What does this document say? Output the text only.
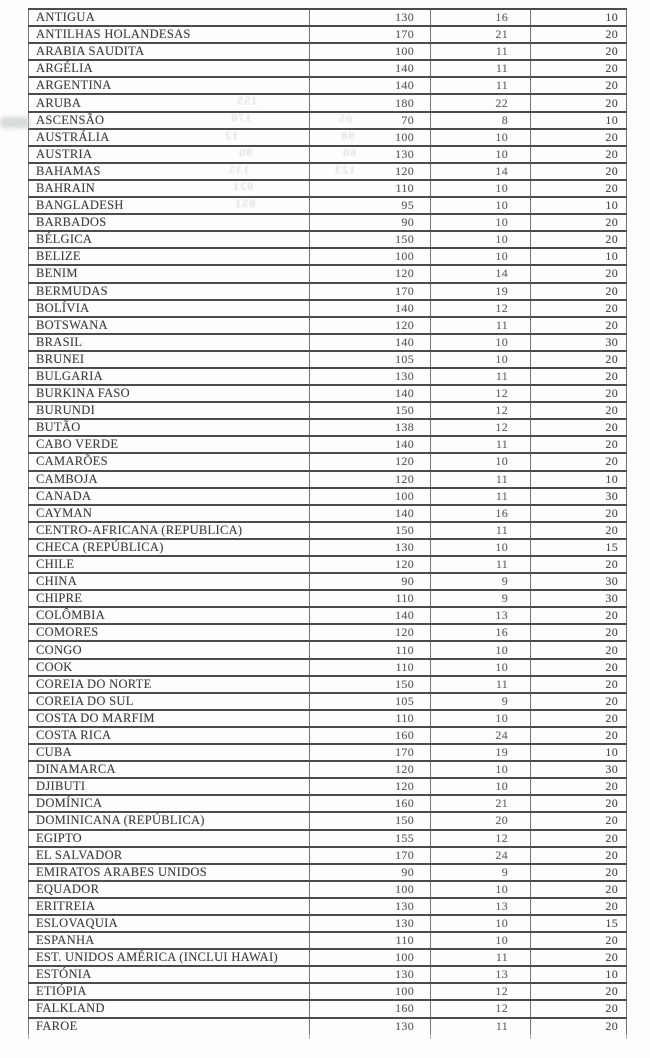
ANTIGUA	130	16	10
ANTILHAS HOLANDESAS	170	21	20
ARABIA SAUDITA	100	11	20
ARGÉLIA	140	11	20
ARGENTINA	140	11	20
ARUBA	180	22	20
ASCENSÃO	70	8	10
AUSTRÁLIA	100	10	20
AUSTRIA	130	10	20
BAHAMAS	120	14	20
BAHRAIN	110	10	20
BANGLADESH	95	10	10
BARBADOS	90	10	20
BÉLGICA	150	10	20
BELIZE	100	10	10
BENIM	120	14	20
BERMUDAS	170	19	20
BOLÍVIA	140	12	20
BOTSWANA	120	11	20
BRASIL	140	10	30
BRUNEI	105	10	20
BULGARIA	130	11	20
BURKINA FASO	140	12	20
BURUNDI	150	12	20
BUTÃO	138	12	20
CABO VERDE	140	11	20
CAMARÕES	120	10	20
CAMBOJA	120	11	10
CANADA	100	11	30
CAYMAN	140	16	20
CENTRO-AFRICANA (REPUBLICA)	150	11	20
CHECA (REPÚBLICA)	130	10	15
CHILE	120	11	20
CHINA	90	9	30
CHIPRE	110	9	30
COLÔMBIA	140	13	20
COMORES	120	16	20
CONGO	110	10	20
COOK	110	10	20
COREIA DO NORTE	150	11	20
COREIA DO SUL	105	9	20
COSTA DO MARFIM	110	10	20
COSTA RICA	160	24	20
CUBA	170	19	10
DINAMARCA	120	10	30
DJIBUTI	120	10	20
DOMÍNICA	160	21	20
DOMINICANA (REPÚBLICA)	150	20	20
EGIPTO	155	12	20
EL SALVADOR	170	24	20
EMIRATOS ARABES UNIDOS	90	9	20
EQUADOR	100	10	20
ERITREIA	130	13	20
ESLOVAQUIA	130	10	15
ESPANHA	110	10	20
EST. UNIDOS AMÉRICA (INCLUI HAWAI)	100	11	20
ESTÓNIA	130	13	10
ETIÓPIA	100	12	20
FALKLAND	160	12	20
FAROE	130	11	20
155
170
12
90
135
021
051
05
98
60
123
